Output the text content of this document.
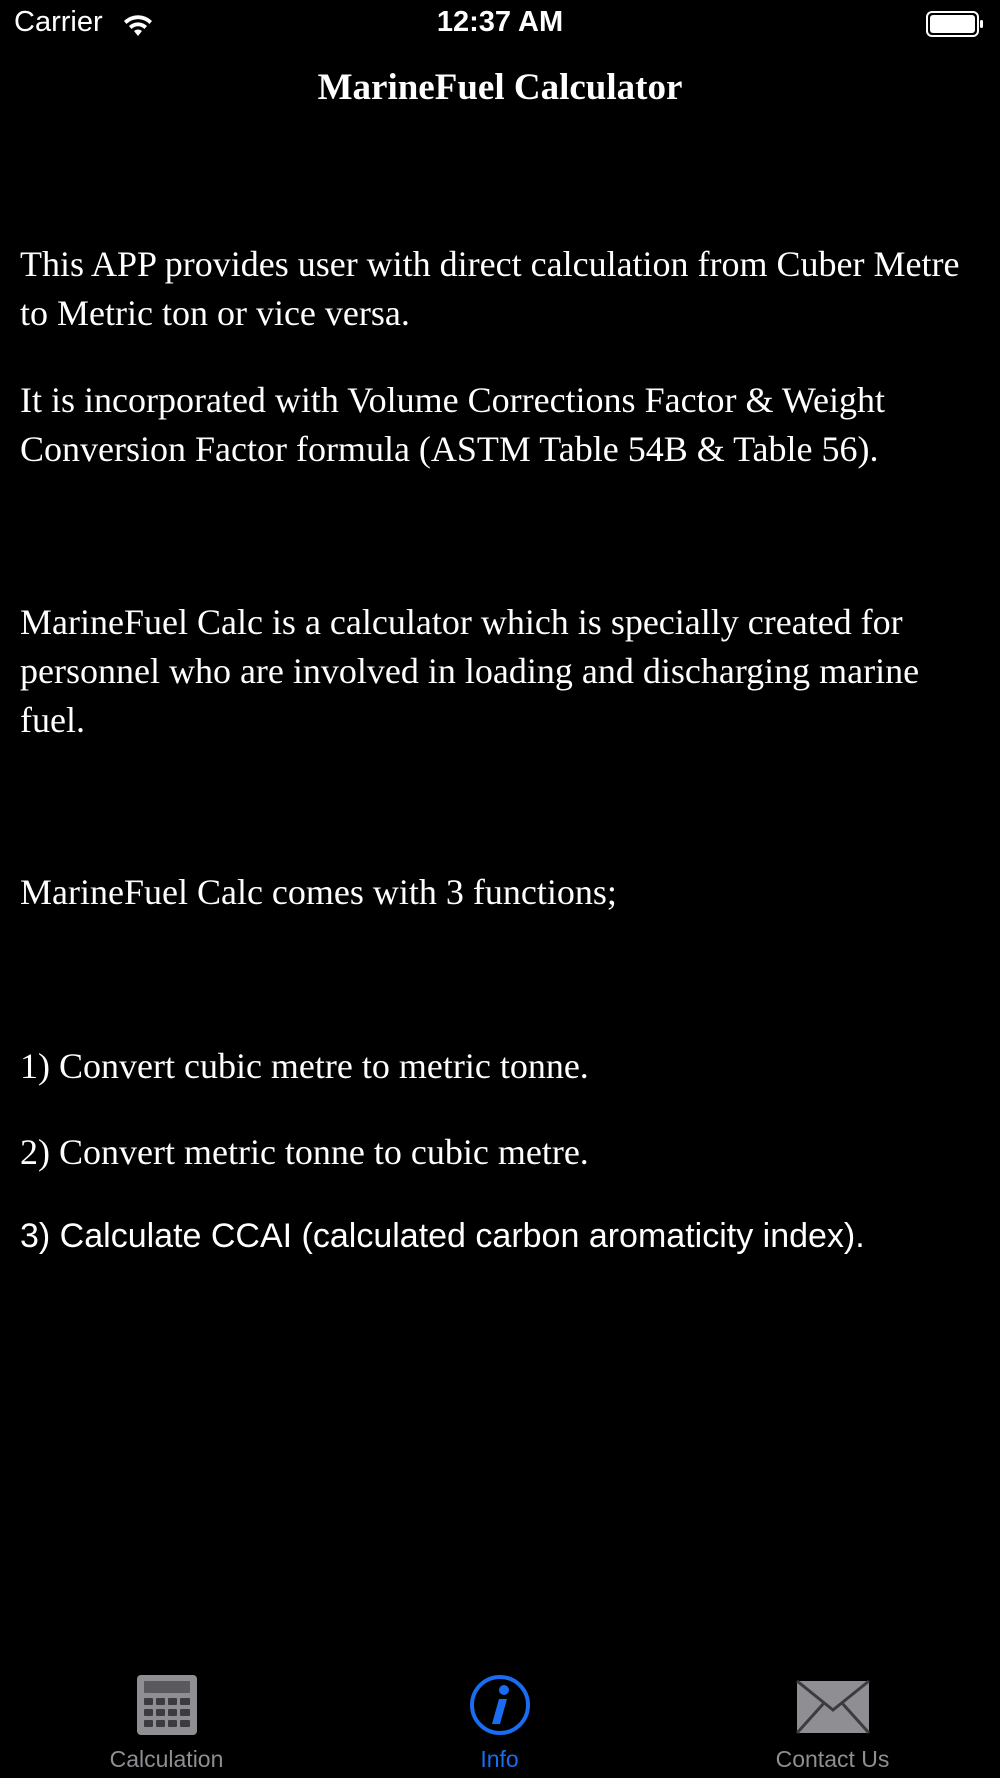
Carrier	12:37 AM
MarineFuel Calculator

This APP provides user with direct calculation from Cuber Metre to Metric ton or vice versa.

It is incorporated with Volume Corrections Factor & Weight Conversion Factor formula (ASTM Table 54B & Table 56).

MarineFuel Calc is a calculator which is specially created for personnel who are involved in loading and discharging marine fuel.

MarineFuel Calc comes with 3 functions;

1) Convert cubic metre to metric tonne.

2) Convert metric tonne to cubic metre.

3) Calculate CCAI (calculated carbon aromaticity index).

Calculation	Info	Contact Us
